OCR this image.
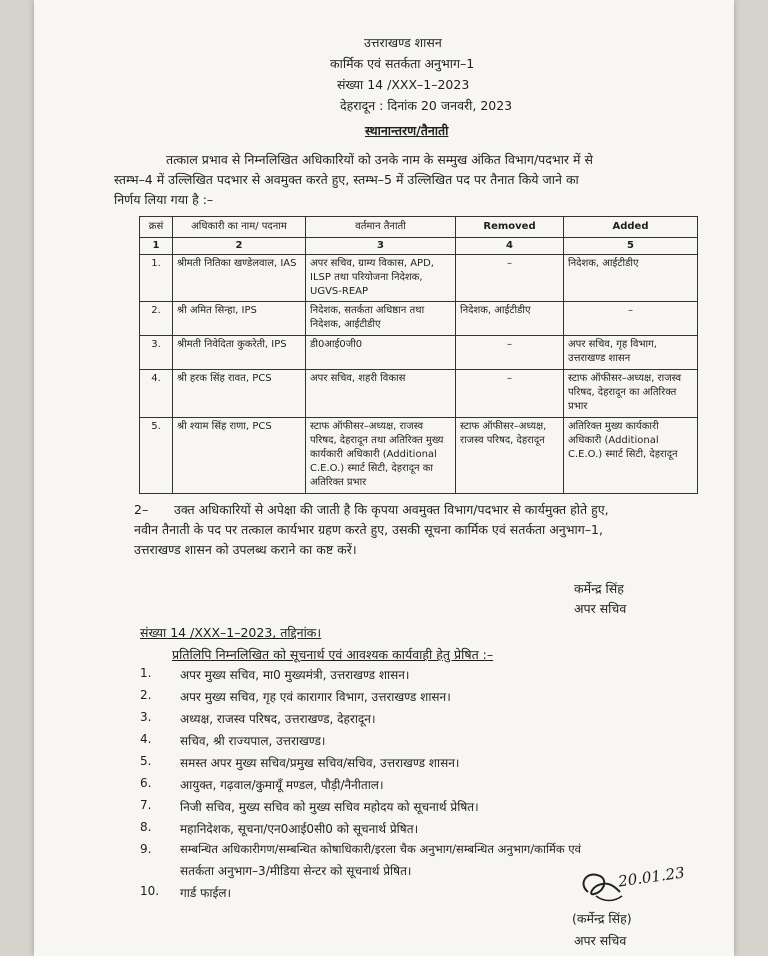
उत्तराखण्ड शासन
कार्मिक एवं सतर्कता अनुभाग–1
संख्या 14 /XXX–1–2023
देहरादून : दिनांक 20 जनवरी, 2023
स्थानान्तरण/तैनाती
तत्काल प्रभाव से निम्नलिखित अधिकारियों को उनके नाम के सम्मुख अंकित विभाग/पदभार में से
स्तम्भ–4 में उल्लिखित पदभार से अवमुक्त करते हुए, स्तम्भ–5 में उल्लिखित पद पर तैनात किये जाने का
निर्णय लिया गया है :–
क्रसं	अधिकारी का नाम/ पदनाम	वर्तमान तैनाती	Removed	Added
1	2	3	4	5
1.	श्रीमती नितिका खण्डेलवाल, IAS	अपर सचिव, ग्राम्य विकास, APD, ILSP तथा परियोजना निदेशक, UGVS-REAP	–	निदेशक, आईटीडीए
2.	श्री अमित सिन्हा, IPS	निदेशक, सतर्कता अधिष्ठान तथा निदेशक, आईटीडीए	निदेशक, आईटीडीए	–
3.	श्रीमती निवेदिता कुकरेती, IPS	डी0आई0जी0	–	अपर सचिव, गृह विभाग, उत्तराखण्ड शासन
4.	श्री हरक सिंह रावत, PCS	अपर सचिव, शहरी विकास	–	स्टाफ ऑफीसर–अध्यक्ष, राजस्व परिषद, देहरादून का अतिरिक्त प्रभार
5.	श्री श्याम सिंह राणा, PCS	स्टाफ ऑफीसर–अध्यक्ष, राजस्व परिषद, देहरादून तथा अतिरिक्त मुख्य कार्यकारी अधिकारी (Additional C.E.O.) स्मार्ट सिटी, देहरादून का अतिरिक्त प्रभार	स्टाफ ऑफीसर–अध्यक्ष, राजस्व परिषद, देहरादून	अतिरिक्त मुख्य कार्यकारी अधिकारी (Additional C.E.O.) स्मार्ट सिटी, देहरादून
2– उक्त अधिकारियों से अपेक्षा की जाती है कि कृपया अवमुक्त विभाग/पदभार से कार्यमुक्त होते हुए,
नवीन तैनाती के पद पर तत्काल कार्यभार ग्रहण करते हुए, उसकी सूचना कार्मिक एवं सतर्कता अनुभाग–1,
उत्तराखण्ड शासन को उपलब्ध कराने का कष्ट करें।
कर्मेन्द्र सिंह
अपर सचिव
संख्या 14 /XXX–1–2023, तद्दिनांक।
प्रतिलिपि निम्नलिखित को सूचनार्थ एवं आवश्यक कार्यवाही हेतु प्रेषित :–
1. अपर मुख्य सचिव, मा0 मुख्यमंत्री, उत्तराखण्ड शासन।
2. अपर मुख्य सचिव, गृह एवं कारागार विभाग, उत्तराखण्ड शासन।
3. अध्यक्ष, राजस्व परिषद, उत्तराखण्ड, देहरादून।
4. सचिव, श्री राज्यपाल, उत्तराखण्ड।
5. समस्त अपर मुख्य सचिव/प्रमुख सचिव/सचिव, उत्तराखण्ड शासन।
6. आयुक्त, गढ़वाल/कुमायूँ मण्डल, पौड़ी/नैनीताल।
7. निजी सचिव, मुख्य सचिव को मुख्य सचिव महोदय को सूचनार्थ प्रेषित।
8. महानिदेशक, सूचना/एन0आई0सी0 को सूचनार्थ प्रेषित।
9. सम्बन्धित अधिकारीगण/सम्बन्धित कोषाधिकारी/इरला चैक अनुभाग/सम्बन्धित अनुभाग/कार्मिक एवं
सतर्कता अनुभाग–3/मीडिया सेन्टर को सूचनार्थ प्रेषित।
10. गार्ड फाईल।
20.01.23
(कर्मेन्द्र सिंह)
अपर सचिव
